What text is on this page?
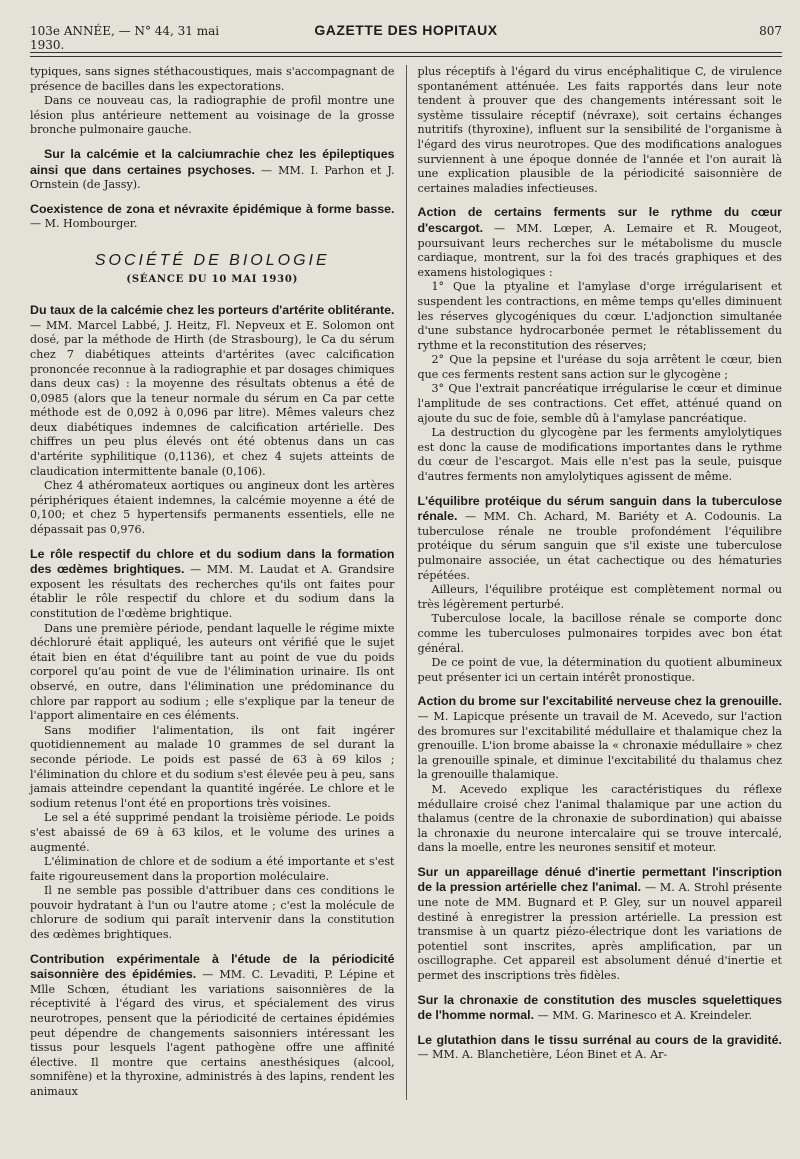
103e ANNÉE, — N° 44, 31 mai 1930.
GAZETTE DES HOPITAUX	807

typiques, sans signes stéthacoustiques, mais s'accompagnant de présence de bacilles dans les expectorations.

Dans ce nouveau cas, la radiographie de profil montre une lésion plus antérieure nettement au voisinage de la grosse bronche pulmonaire gauche.

Sur la calcémie et la calciumrachie chez les épileptiques ainsi que dans certaines psychoses. — MM. I. Parhon et J. Ornstein (de Jassy).

Coexistence de zona et névraxite épidémique à forme basse. — M. Hombourger.

SOCIÉTÉ DE BIOLOGIE
(SÉANCE DU 10 MAI 1930)

Du taux de la calcémie chez les porteurs d'artérite oblitérante. — MM. Marcel Labbé, J. Heitz, Fl. Nepveux et E. Solomon ont dosé, par la méthode de Hirth (de Strasbourg), le Ca du sérum chez 7 diabétiques atteints d'artérites (avec calcification prononcée reconnue à la radiographie et par dosages chimiques dans deux cas) : la moyenne des résultats obtenus a été de 0,0985 (alors que la teneur normale du sérum en Ca par cette méthode est de 0,092 à 0,096 par litre). Mêmes valeurs chez deux diabétiques indemnes de calcification artérielle. Des chiffres un peu plus élevés ont été obtenus dans un cas d'artérite syphilitique (0,1136), et chez 4 sujets atteints de claudication intermittente banale (0,106).

Chez 4 athéromateux aortiques ou angineux dont les artères périphériques étaient indemnes, la calcémie moyenne a été de 0,100; et chez 5 hypertensifs permanents essentiels, elle ne dépassait pas 0,976.

Le rôle respectif du chlore et du sodium dans la formation des œdèmes brightiques. — MM. M. Laudat et A. Grandsire exposent les résultats des recherches qu'ils ont faites pour établir le rôle respectif du chlore et du sodium dans la constitution de l'œdème brightique.

Dans une première période, pendant laquelle le régime mixte déchloruré était appliqué, les auteurs ont vérifié que le sujet était bien en état d'équilibre tant au point de vue du poids corporel qu'au point de vue de l'élimination urinaire. Ils ont observé, en outre, dans l'élimination une prédominance du chlore par rapport au sodium ; elle s'explique par la teneur de l'apport alimentaire en ces éléments.

Sans modifier l'alimentation, ils ont fait ingérer quotidiennement au malade 10 grammes de sel durant la seconde période. Le poids est passé de 63 à 69 kilos ; l'élimination du chlore et du sodium s'est élevée peu à peu, sans jamais atteindre cependant la quantité ingérée. Le chlore et le sodium retenus l'ont été en proportions très voisines.

Le sel a été supprimé pendant la troisième période. Le poids s'est abaissé de 69 à 63 kilos, et le volume des urines a augmenté.

L'élimination de chlore et de sodium a été importante et s'est faite rigoureusement dans la proportion moléculaire.

Il ne semble pas possible d'attribuer dans ces conditions le pouvoir hydratant à l'un ou l'autre atome ; c'est la molécule de chlorure de sodium qui paraît intervenir dans la constitution des œdèmes brightiques.

Contribution expérimentale à l'étude de la périodicité saisonnière des épidémies. — MM. C. Levaditi, P. Lépine et Mlle Schœn, étudiant les variations saisonnières de la réceptivité à l'égard des virus, et spécialement des virus neurotropes, pensent que la périodicité de certaines épidémies peut dépendre de changements saisonniers intéressant les tissus pour lesquels l'agent pathogène offre une affinité élective. Il montre que certains anesthésiques (alcool, somnifène) et la thyroxine, administrés à des lapins, rendent les animaux

plus réceptifs à l'égard du virus encéphalitique C, de virulence spontanément atténuée. Les faits rapportés dans leur note tendent à prouver que des changements intéressant soit le système tissulaire réceptif (névraxe), soit certains échanges nutritifs (thyroxine), influent sur la sensibilité de l'organisme à l'égard des virus neurotropes. Que des modifications analogues surviennent à une époque donnée de l'année et l'on aurait là une explication plausible de la périodicité saisonnière de certaines maladies infectieuses.

Action de certains ferments sur le rythme du cœur d'escargot. — MM. Lœper, A. Lemaire et R. Mougeot, poursuivant leurs recherches sur le métabolisme du muscle cardiaque, montrent, sur la foi des tracés graphiques et des examens histologiques :

1° Que la ptyaline et l'amylase d'orge irrégularisent et suspendent les contractions, en même temps qu'elles diminuent les réserves glycogéniques du cœur. L'adjonction simultanée d'une substance hydrocarbonée permet le rétablissement du rythme et la reconstitution des réserves;

2° Que la pepsine et l'uréase du soja arrêtent le cœur, bien que ces ferments restent sans action sur le glycogène ;

3° Que l'extrait pancréatique irrégularise le cœur et diminue l'amplitude de ses contractions. Cet effet, atténué quand on ajoute du suc de foie, semble dû à l'amylase pancréatique.

La destruction du glycogène par les ferments amylolytiques est donc la cause de modifications importantes dans le rythme du cœur de l'escargot. Mais elle n'est pas la seule, puisque d'autres ferments non amylolytiques agissent de même.

L'équilibre protéique du sérum sanguin dans la tuberculose rénale. — MM. Ch. Achard, M. Bariéty et A. Codounis. La tuberculose rénale ne trouble profondément l'équilibre protéique du sérum sanguin que s'il existe une tuberculose pulmonaire associée, un état cachectique ou des hématuries répétées.

Ailleurs, l'équilibre protéique est complètement normal ou très légèrement perturbé.

Tuberculose locale, la bacillose rénale se comporte donc comme les tuberculoses pulmonaires torpides avec bon état général.

De ce point de vue, la détermination du quotient albumineux peut présenter ici un certain intérêt pronostique.

Action du brome sur l'excitabilité nerveuse chez la grenouille. — M. Lapicque présente un travail de M. Acevedo, sur l'action des bromures sur l'excitabilité médullaire et thalamique chez la grenouille. L'ion brome abaisse la « chronaxie médullaire » chez la grenouille spinale, et diminue l'excitabilité du thalamus chez la grenouille thalamique.

M. Acevedo explique les caractéristiques du réflexe médullaire croisé chez l'animal thalamique par une action du thalamus (centre de la chronaxie de subordination) qui abaisse la chronaxie du neurone intercalaire qui se trouve intercalé, dans la moelle, entre les neurones sensitif et moteur.

Sur un appareillage dénué d'inertie permettant l'inscription de la pression artérielle chez l'animal. — M. A. Strohl présente une note de MM. Bugnard et P. Gley, sur un nouvel appareil destiné à enregistrer la pression artérielle. La pression est transmise à un quartz piézo-électrique dont les variations de potentiel sont inscrites, après amplification, par un oscillographe. Cet appareil est absolument dénué d'inertie et permet des inscriptions très fidèles.

Sur la chronaxie de constitution des muscles squelettiques de l'homme normal. — MM. G. Marinesco et A. Kreindeler.

Le glutathion dans le tissu surrénal au cours de la gravidité. — MM. A. Blanchetière, Léon Binet et A. Ar-
